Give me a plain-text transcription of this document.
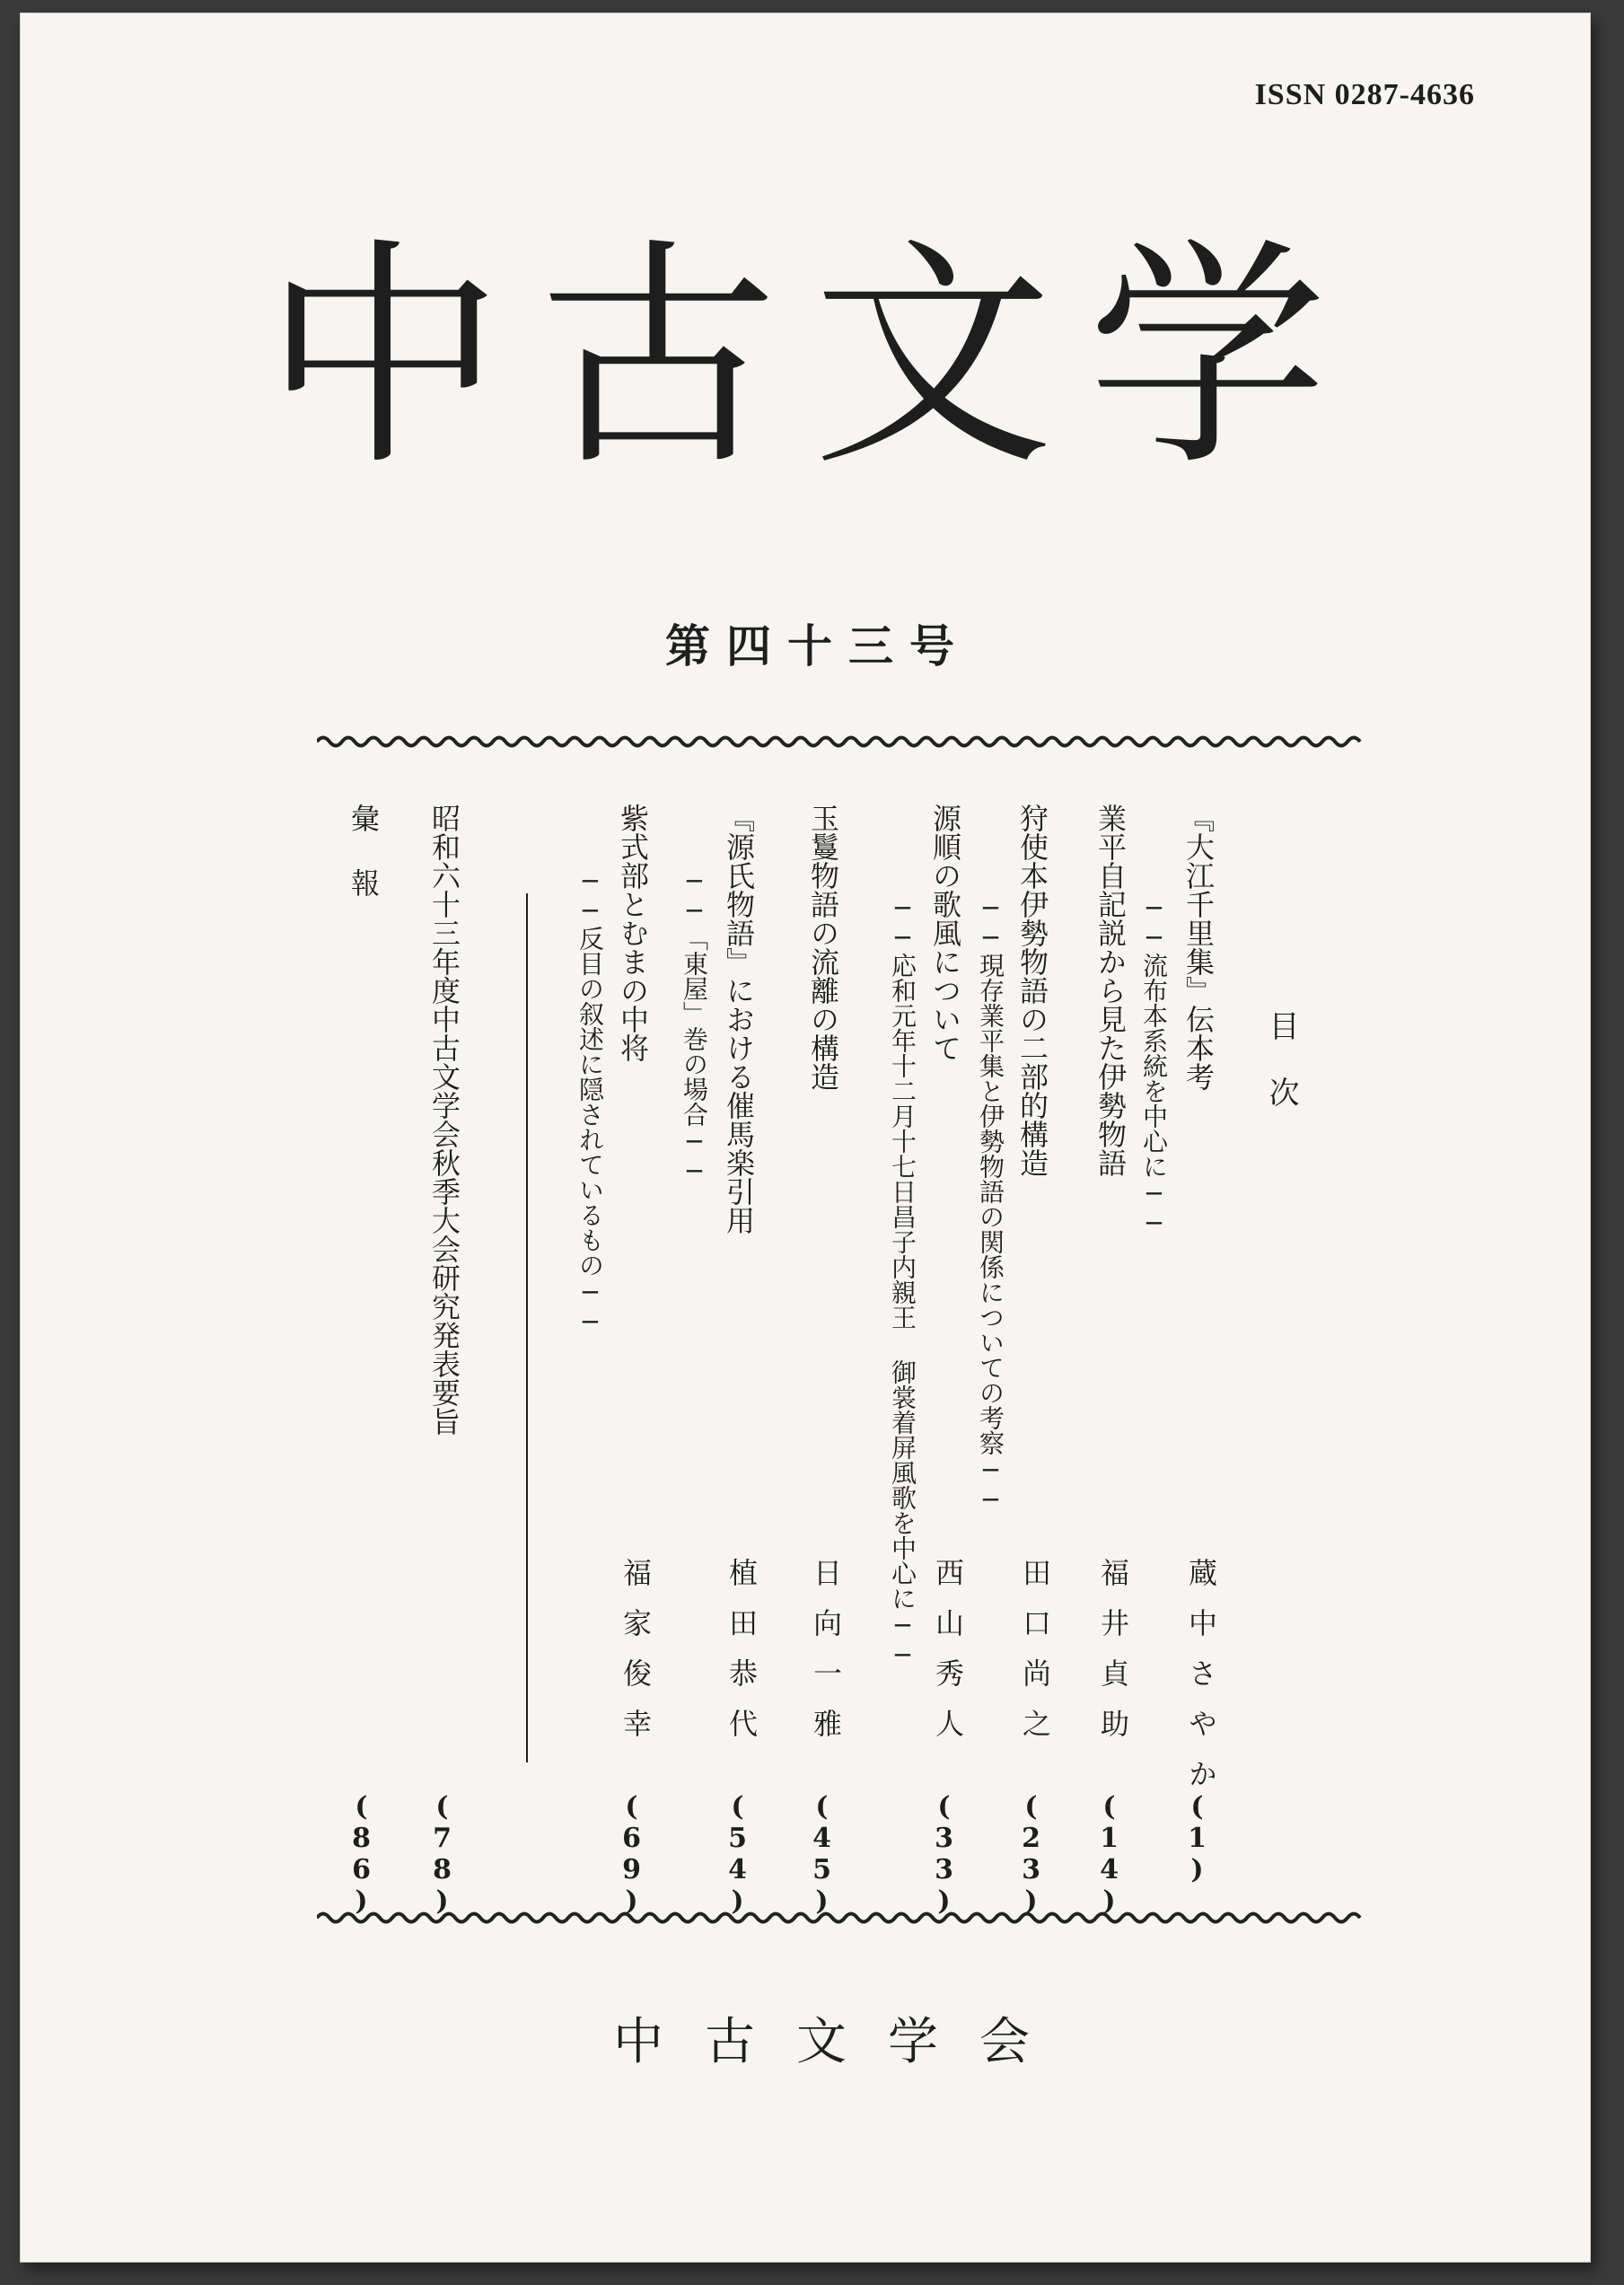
ISSN 0287-4636
中古文学
第四十三号
目次
『大江千里集』伝本考
──流布本系統を中心に──
蔵中さやか
(1)
業平自記説から見た伊勢物語
福井貞助
(14)
狩使本伊勢物語の二部的構造
──現存業平集と伊勢物語の関係についての考察──
田口尚之
(23)
源順の歌風について
──応和元年十二月十七日昌子内親王 御裳着屏風歌を中心に── 西山秀人
(33)
玉鬘物語の流離の構造
日向一雅
(45)
『源氏物語』における催馬楽引用
──「東屋」巻の場合──
植田恭代
(54)
紫式部とむまの中将
──反目の叙述に隠されているもの──
福家俊幸
(69)
昭和六十三年度中古文学会秋季大会研究発表要旨
(78)
彙報
(86)
中古文学会
